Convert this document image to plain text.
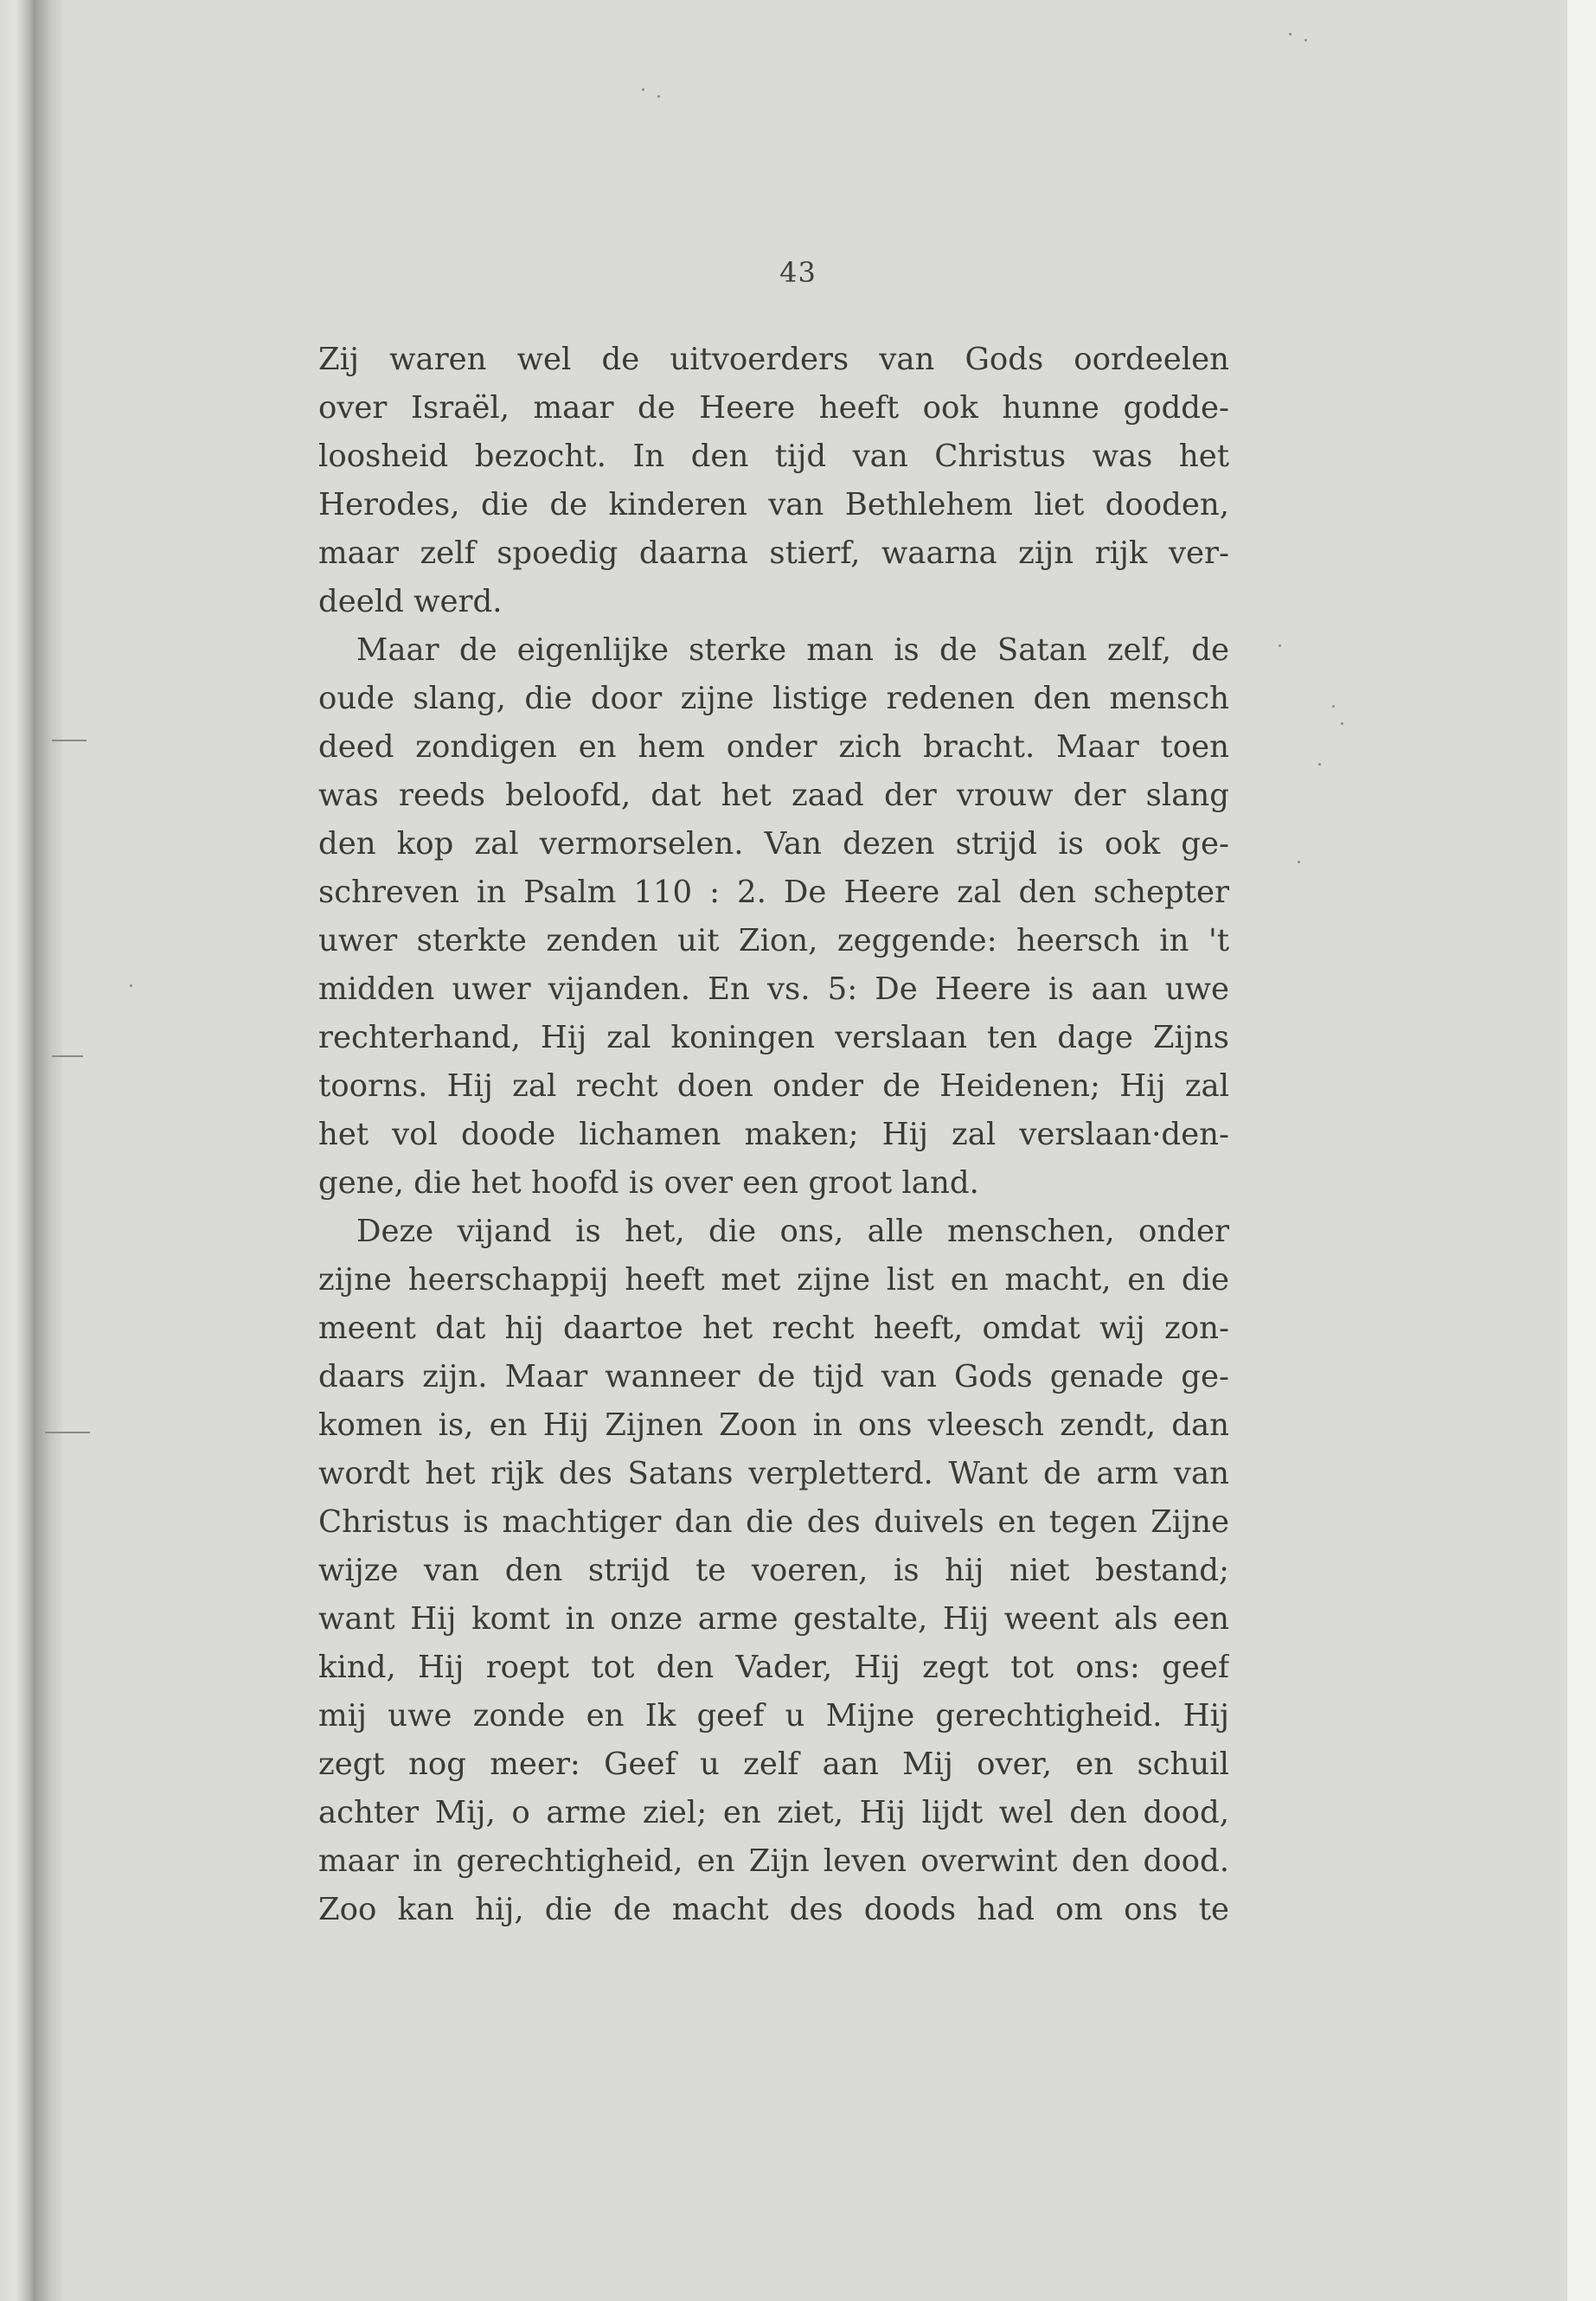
43
Zij waren wel de uitvoerders van Gods oordeelen
over Israël, maar de Heere heeft ook hunne godde-
loosheid bezocht. In den tijd van Christus was het
Herodes, die de kinderen van Bethlehem liet dooden,
maar zelf spoedig daarna stierf, waarna zijn rijk ver-
deeld werd.
Maar de eigenlijke sterke man is de Satan zelf, de
oude slang, die door zijne listige redenen den mensch
deed zondigen en hem onder zich bracht. Maar toen
was reeds beloofd, dat het zaad der vrouw der slang
den kop zal vermorselen. Van dezen strijd is ook ge-
schreven in Psalm 110 : 2. De Heere zal den schepter
uwer sterkte zenden uit Zion, zeggende: heersch in 't
midden uwer vijanden. En vs. 5: De Heere is aan uwe
rechterhand, Hij zal koningen verslaan ten dage Zijns
toorns. Hij zal recht doen onder de Heidenen; Hij zal
het vol doode lichamen maken; Hij zal verslaan·den-
gene, die het hoofd is over een groot land.
Deze vijand is het, die ons, alle menschen, onder
zijne heerschappij heeft met zijne list en macht, en die
meent dat hij daartoe het recht heeft, omdat wij zon-
daars zijn. Maar wanneer de tijd van Gods genade ge-
komen is, en Hij Zijnen Zoon in ons vleesch zendt, dan
wordt het rijk des Satans verpletterd. Want de arm van
Christus is machtiger dan die des duivels en tegen Zijne
wijze van den strijd te voeren, is hij niet bestand;
want Hij komt in onze arme gestalte, Hij weent als een
kind, Hij roept tot den Vader, Hij zegt tot ons: geef
mij uwe zonde en Ik geef u Mijne gerechtigheid. Hij
zegt nog meer: Geef u zelf aan Mij over, en schuil
achter Mij, o arme ziel; en ziet, Hij lijdt wel den dood,
maar in gerechtigheid, en Zijn leven overwint den dood.
Zoo kan hij, die de macht des doods had om ons te
